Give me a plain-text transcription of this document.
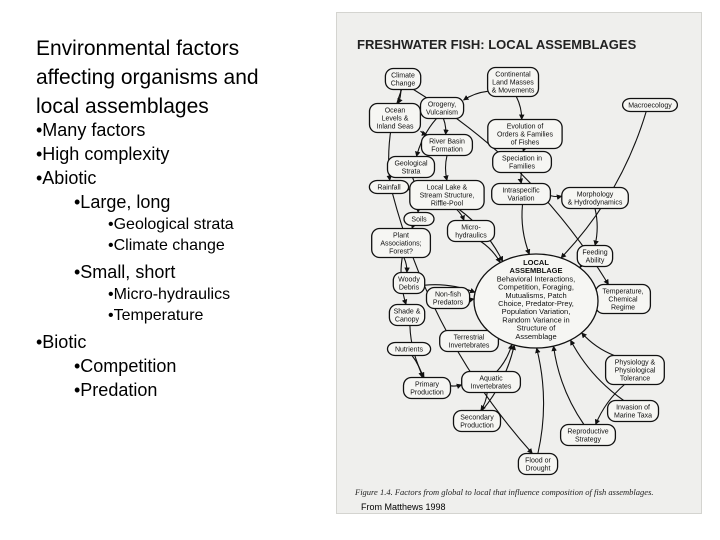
Environmental factors
affecting organisms and
local assemblages
•Many factors
•High complexity
•Abiotic
•Large, long
•Geological strata
•Climate change
•Small, short
•Micro-hydraulics
•Temperature
•Biotic
•Competition
•Predation
FRESHWATER FISH: LOCAL ASSEMBLAGES
Climate
Change
Continental
Land Masses
& Movements
Macroecology
Ocean
Levels &
Inland Seas
Orogeny,
Vulcanism
Evolution of
Orders & Families
of Fishes
River Basin
Formation
Geological
Strata
Speciation in
Families
Rainfall	Local Lake &
Stream Structure,
Riffle-Pool
Intraspecific
Variation
Morphology
& Hydrodynamics
Soils
Plant
Associations;
Forest?
Micro-
hydraulics
Feeding
Ability
Woody
Debris
Non-fish
Predators
Temperature,
Chemical
Regime
Shade &
Canopy
Nutrients
Terrestrial
Invertebrates
Physiology &
Physiological
Tolerance
Primary
Production
Aquatic
Invertebrates
Invasion of
Marine Taxa
Secondary
Production
Reproductive
Strategy
Flood or
Drought
LOCAL
ASSEMBLAGE
Behavioral Interactions,
Competition, Foraging,
Mutualisms, Patch
Choice, Predator-Prey,
Population Variation,
Random Variance in
Structure of
Assemblage
Figure 1.4. Factors from global to local that influence composition of fish assemblages.
From Matthews 1998
